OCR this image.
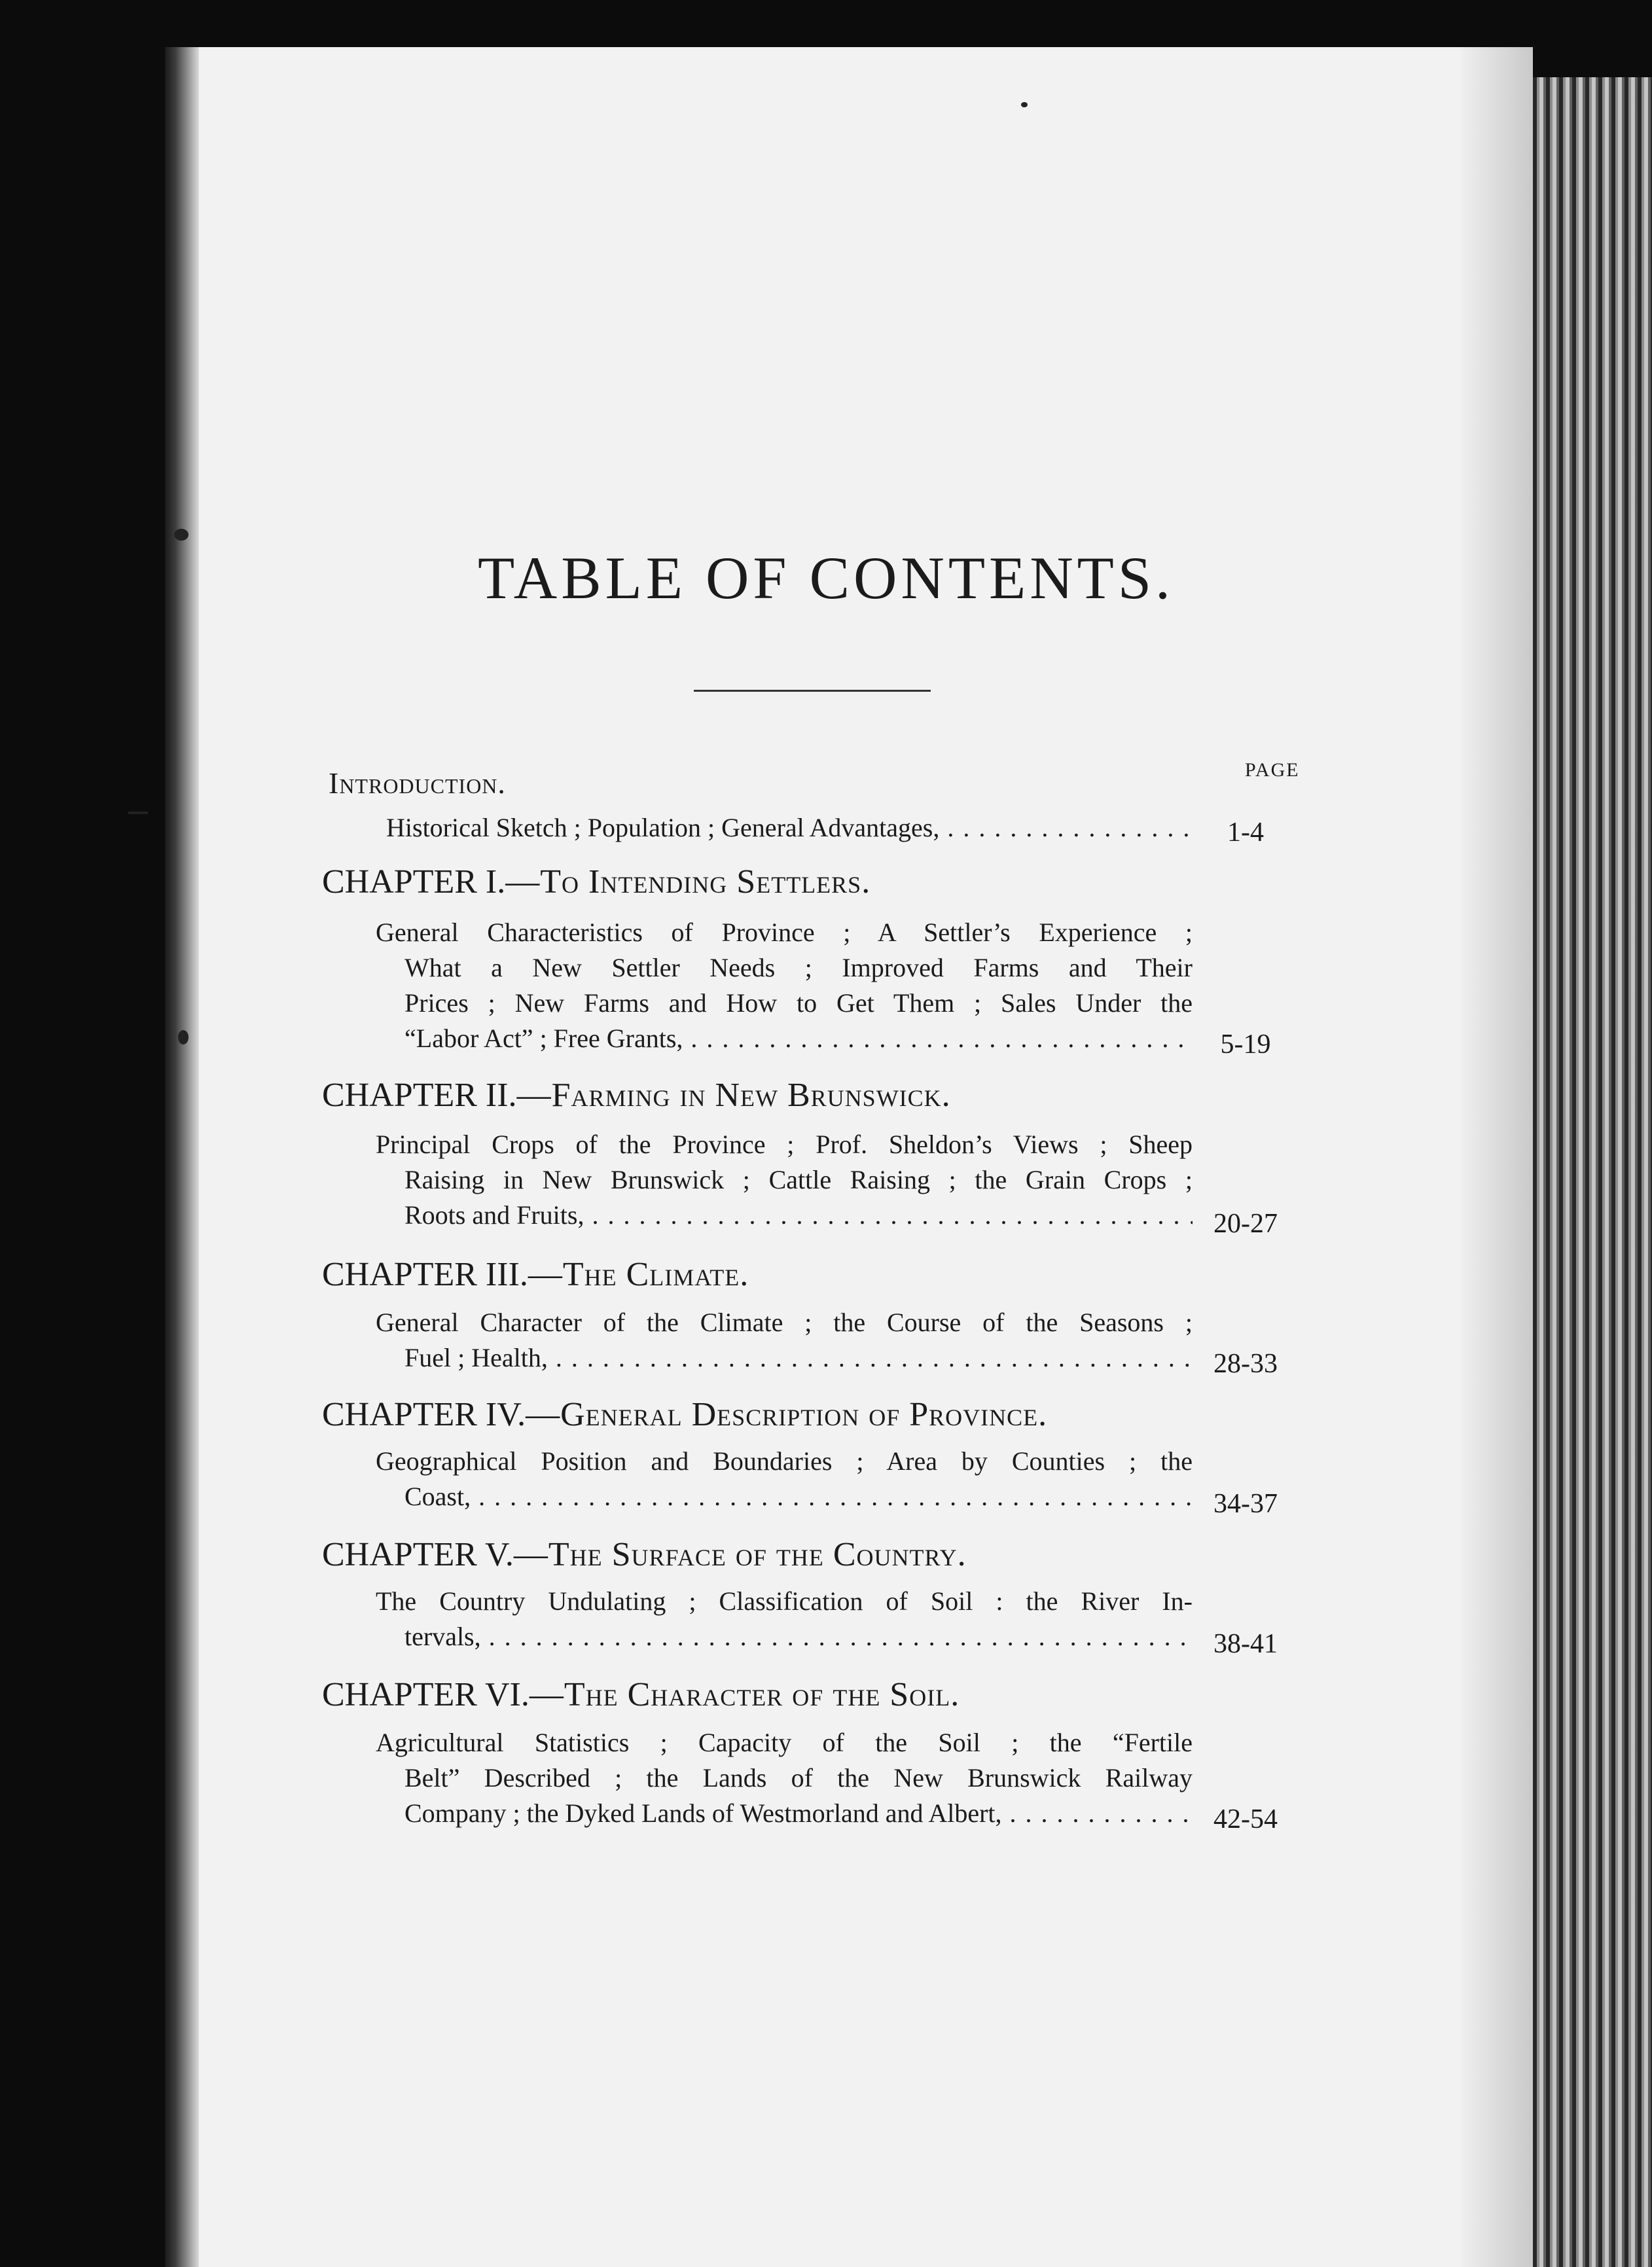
TABLE OF CONTENTS.
PAGE
Introduction.
Historical Sketch ; Population ; General Advantages, . . .	1-4
CHAPTER I.—To Intending Settlers.
General Characteristics of Province ; A Settler’s Experience ;
What a New Settler Needs ; Improved Farms and Their
Prices ; New Farms and How to Get Them ; Sales Under the
“Labor Act” ; Free Grants, . . .	5-19
CHAPTER II.—Farming in New Brunswick.
Principal Crops of the Province ; Prof. Sheldon’s Views ; Sheep
Raising in New Brunswick ; Cattle Raising ; the Grain Crops ;
Roots and Fruits, . . .	20-27
CHAPTER III.—The Climate.
General Character of the Climate ; the Course of the Seasons ;
Fuel ; Health, . . .	28-33
CHAPTER IV.—General Description of Province.
Geographical Position and Boundaries ; Area by Counties ; the
Coast, . . .	34-37
CHAPTER V.—The Surface of the Country.
The Country Undulating ; Classification of Soil : the River In-
tervals, . . .	38-41
CHAPTER VI.—The Character of the Soil.
Agricultural Statistics ; Capacity of the Soil ; the “Fertile
Belt” Described ; the Lands of the New Brunswick Railway
Company ; the Dyked Lands of Westmorland and Albert, . . .	42-54
